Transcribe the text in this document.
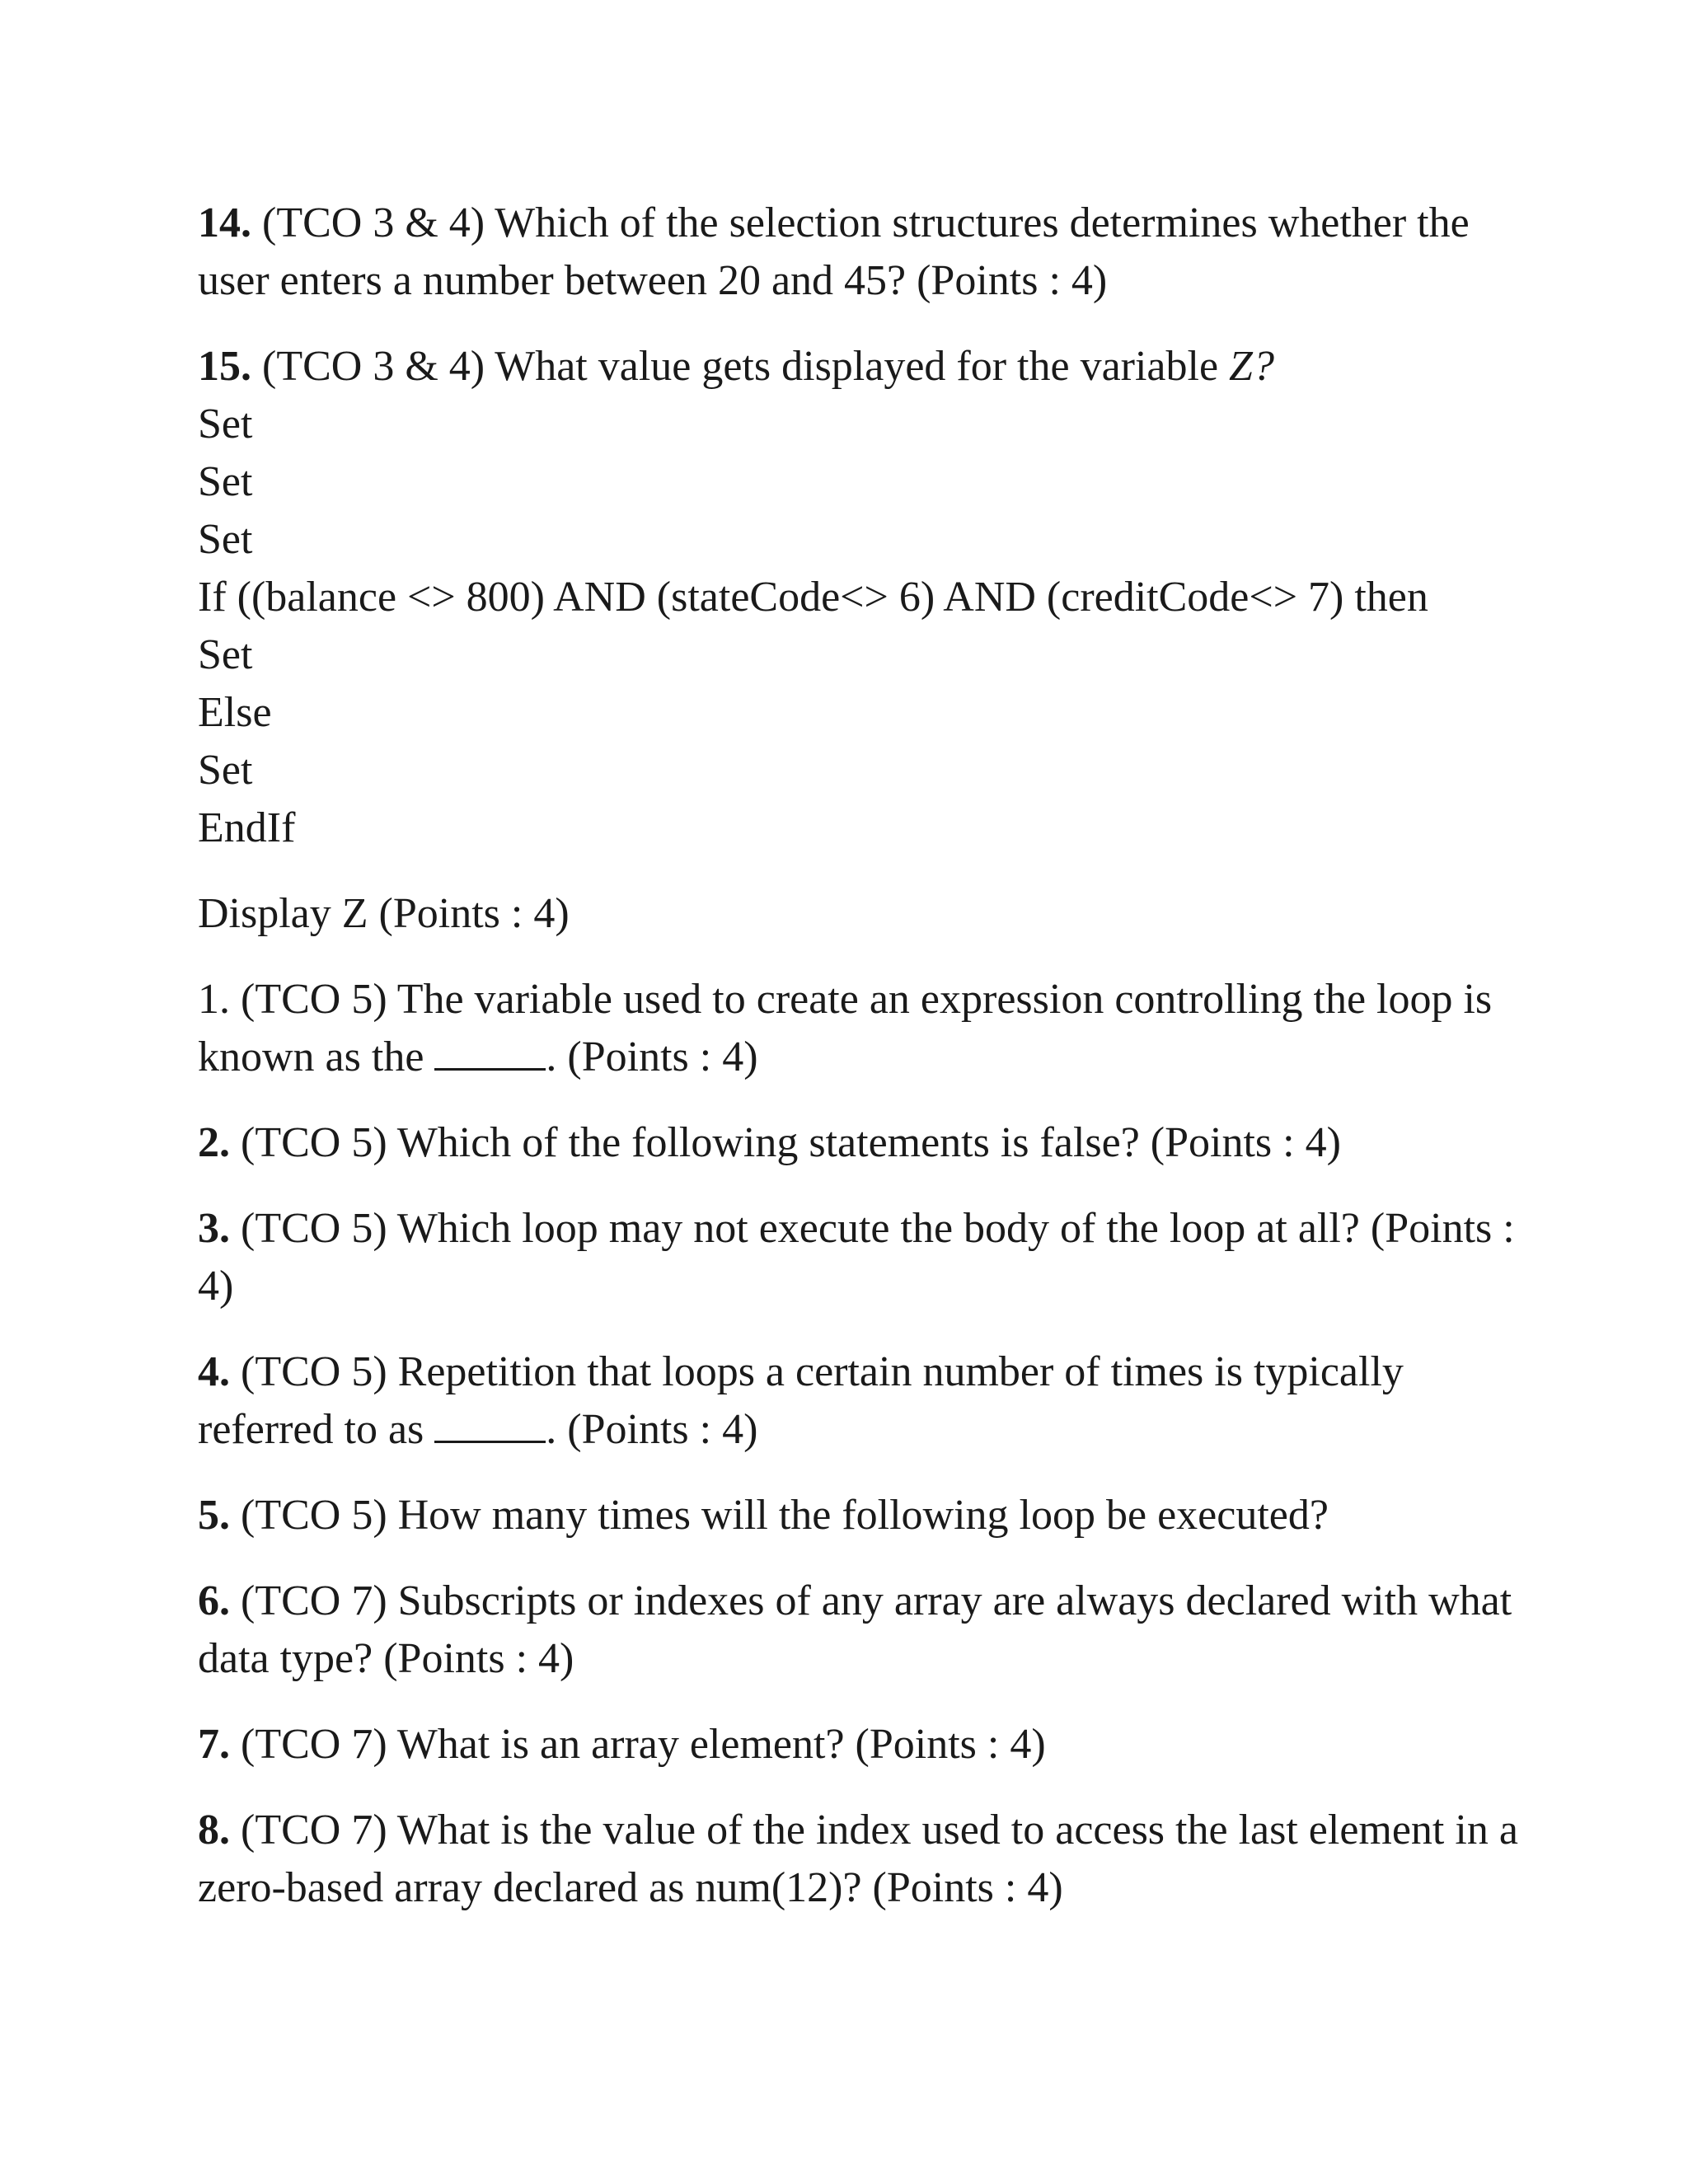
14. (TCO 3 & 4) Which of the selection structures determines whether the user enters a number between 20 and 45? (Points : 4)

15. (TCO 3 & 4) What value gets displayed for the variable Z?

Set

Set

Set

If ((balance <> 800) AND (stateCode<> 6) AND (creditCode<> 7) then

Set

Else

Set

EndIf

Display Z (Points : 4)

1. (TCO 5) The variable used to create an expression controlling the loop is known as the	. (Points : 4)

2. (TCO 5) Which of the following statements is false? (Points : 4)

3. (TCO 5) Which loop may not execute the body of the loop at all? (Points : 4)

4. (TCO 5) Repetition that loops a certain number of times is typically referred to as	. (Points : 4)

5. (TCO 5) How many times will the following loop be executed?

6. (TCO 7) Subscripts or indexes of any array are always declared with what data type? (Points : 4)

7. (TCO 7) What is an array element? (Points : 4)

8. (TCO 7) What is the value of the index used to access the last element in a zero-based array declared as num(12)? (Points : 4)
